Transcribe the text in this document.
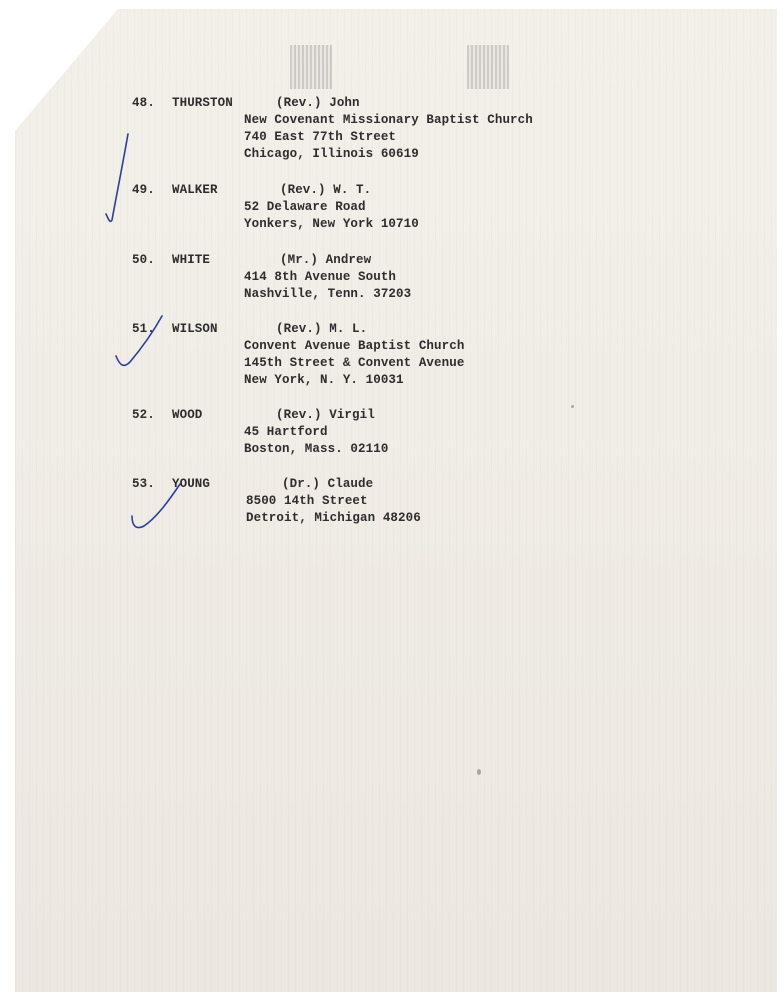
48. THURSTON	(Rev.) John
New Covenant Missionary Baptist Church
740 East 77th Street
Chicago, Illinois 60619
49. WALKER	(Rev.) W. T.
52 Delaware Road
Yonkers, New York 10710
50. WHITE	(Mr.) Andrew
414 8th Avenue South
Nashville, Tenn. 37203
51. WILSON	(Rev.) M. L.
Convent Avenue Baptist Church
145th Street & Convent Avenue
New York, N. Y. 10031
52. WOOD	(Rev.) Virgil
45 Hartford
Boston, Mass. 02110
53. YOUNG	(Dr.) Claude
8500 14th Street
Detroit, Michigan 48206
